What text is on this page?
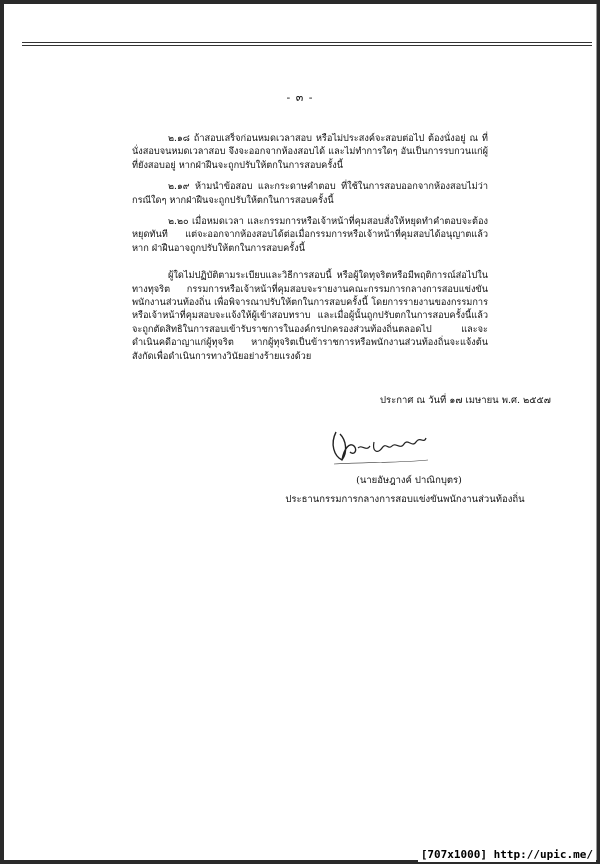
- ๓ -

๒.๑๘ ถ้าสอบเสร็จก่อนหมดเวลาสอบ หรือไม่ประสงค์จะสอบต่อไป ต้องนั่งอยู่ ณ ที่นั่งสอบจนหมดเวลาสอบ จึงจะออกจากห้องสอบได้ และไม่ทำการใดๆ อันเป็นการรบกวนแก่ผู้ที่ยังสอบอยู่ หากฝ่าฝืนจะถูกปรับให้ตกในการสอบครั้งนี้

๒.๑๙ ห้ามนำข้อสอบ และกระดาษคำตอบ ที่ใช้ในการสอบออกจากห้องสอบไม่ว่ากรณีใดๆ หากฝ่าฝืนจะถูกปรับให้ตกในการสอบครั้งนี้

๒.๒๐ เมื่อหมดเวลา และกรรมการหรือเจ้าหน้าที่คุมสอบสั่งให้หยุดทำคำตอบจะต้องหยุดทันที แต่จะออกจากห้องสอบได้ต่อเมื่อกรรมการหรือเจ้าหน้าที่คุมสอบได้อนุญาตแล้ว หาก ฝ่าฝืนอาจถูกปรับให้ตกในการสอบครั้งนี้

ผู้ใดไม่ปฏิบัติตามระเบียบและวิธีการสอบนี้ หรือผู้ใดทุจริตหรือมีพฤติการณ์ส่อไปในทางทุจริต กรรมการหรือเจ้าหน้าที่คุมสอบจะรายงานคณะกรรมการกลางการสอบแข่งขันพนักงานส่วนท้องถิ่น เพื่อพิจารณาปรับให้ตกในการสอบครั้งนี้ โดยการรายงานของกรรมการหรือเจ้าหน้าที่คุมสอบจะแจ้งให้ผู้เข้าสอบทราบ และเมื่อผู้นั้นถูกปรับตกในการสอบครั้งนี้แล้ว จะถูกตัดสิทธิในการสอบเข้ารับราชการในองค์กรปกครองส่วนท้องถิ่นตลอดไป และจะดำเนินคดีอาญาแก่ผู้ทุจริต หากผู้ทุจริตเป็นข้าราชการหรือพนักงานส่วนท้องถิ่นจะแจ้งต้นสังกัดเพื่อดำเนินการทางวินัยอย่างร้ายแรงด้วย

ประกาศ ณ วันที่ ๑๗ เมษายน พ.ศ. ๒๕๕๗
(นายอัษฎางค์ ปาณิกบุตร)
ประธานกรรมการกลางการสอบแข่งขันพนักงานส่วนท้องถิ่น
[707x1000] http://upic.me/
